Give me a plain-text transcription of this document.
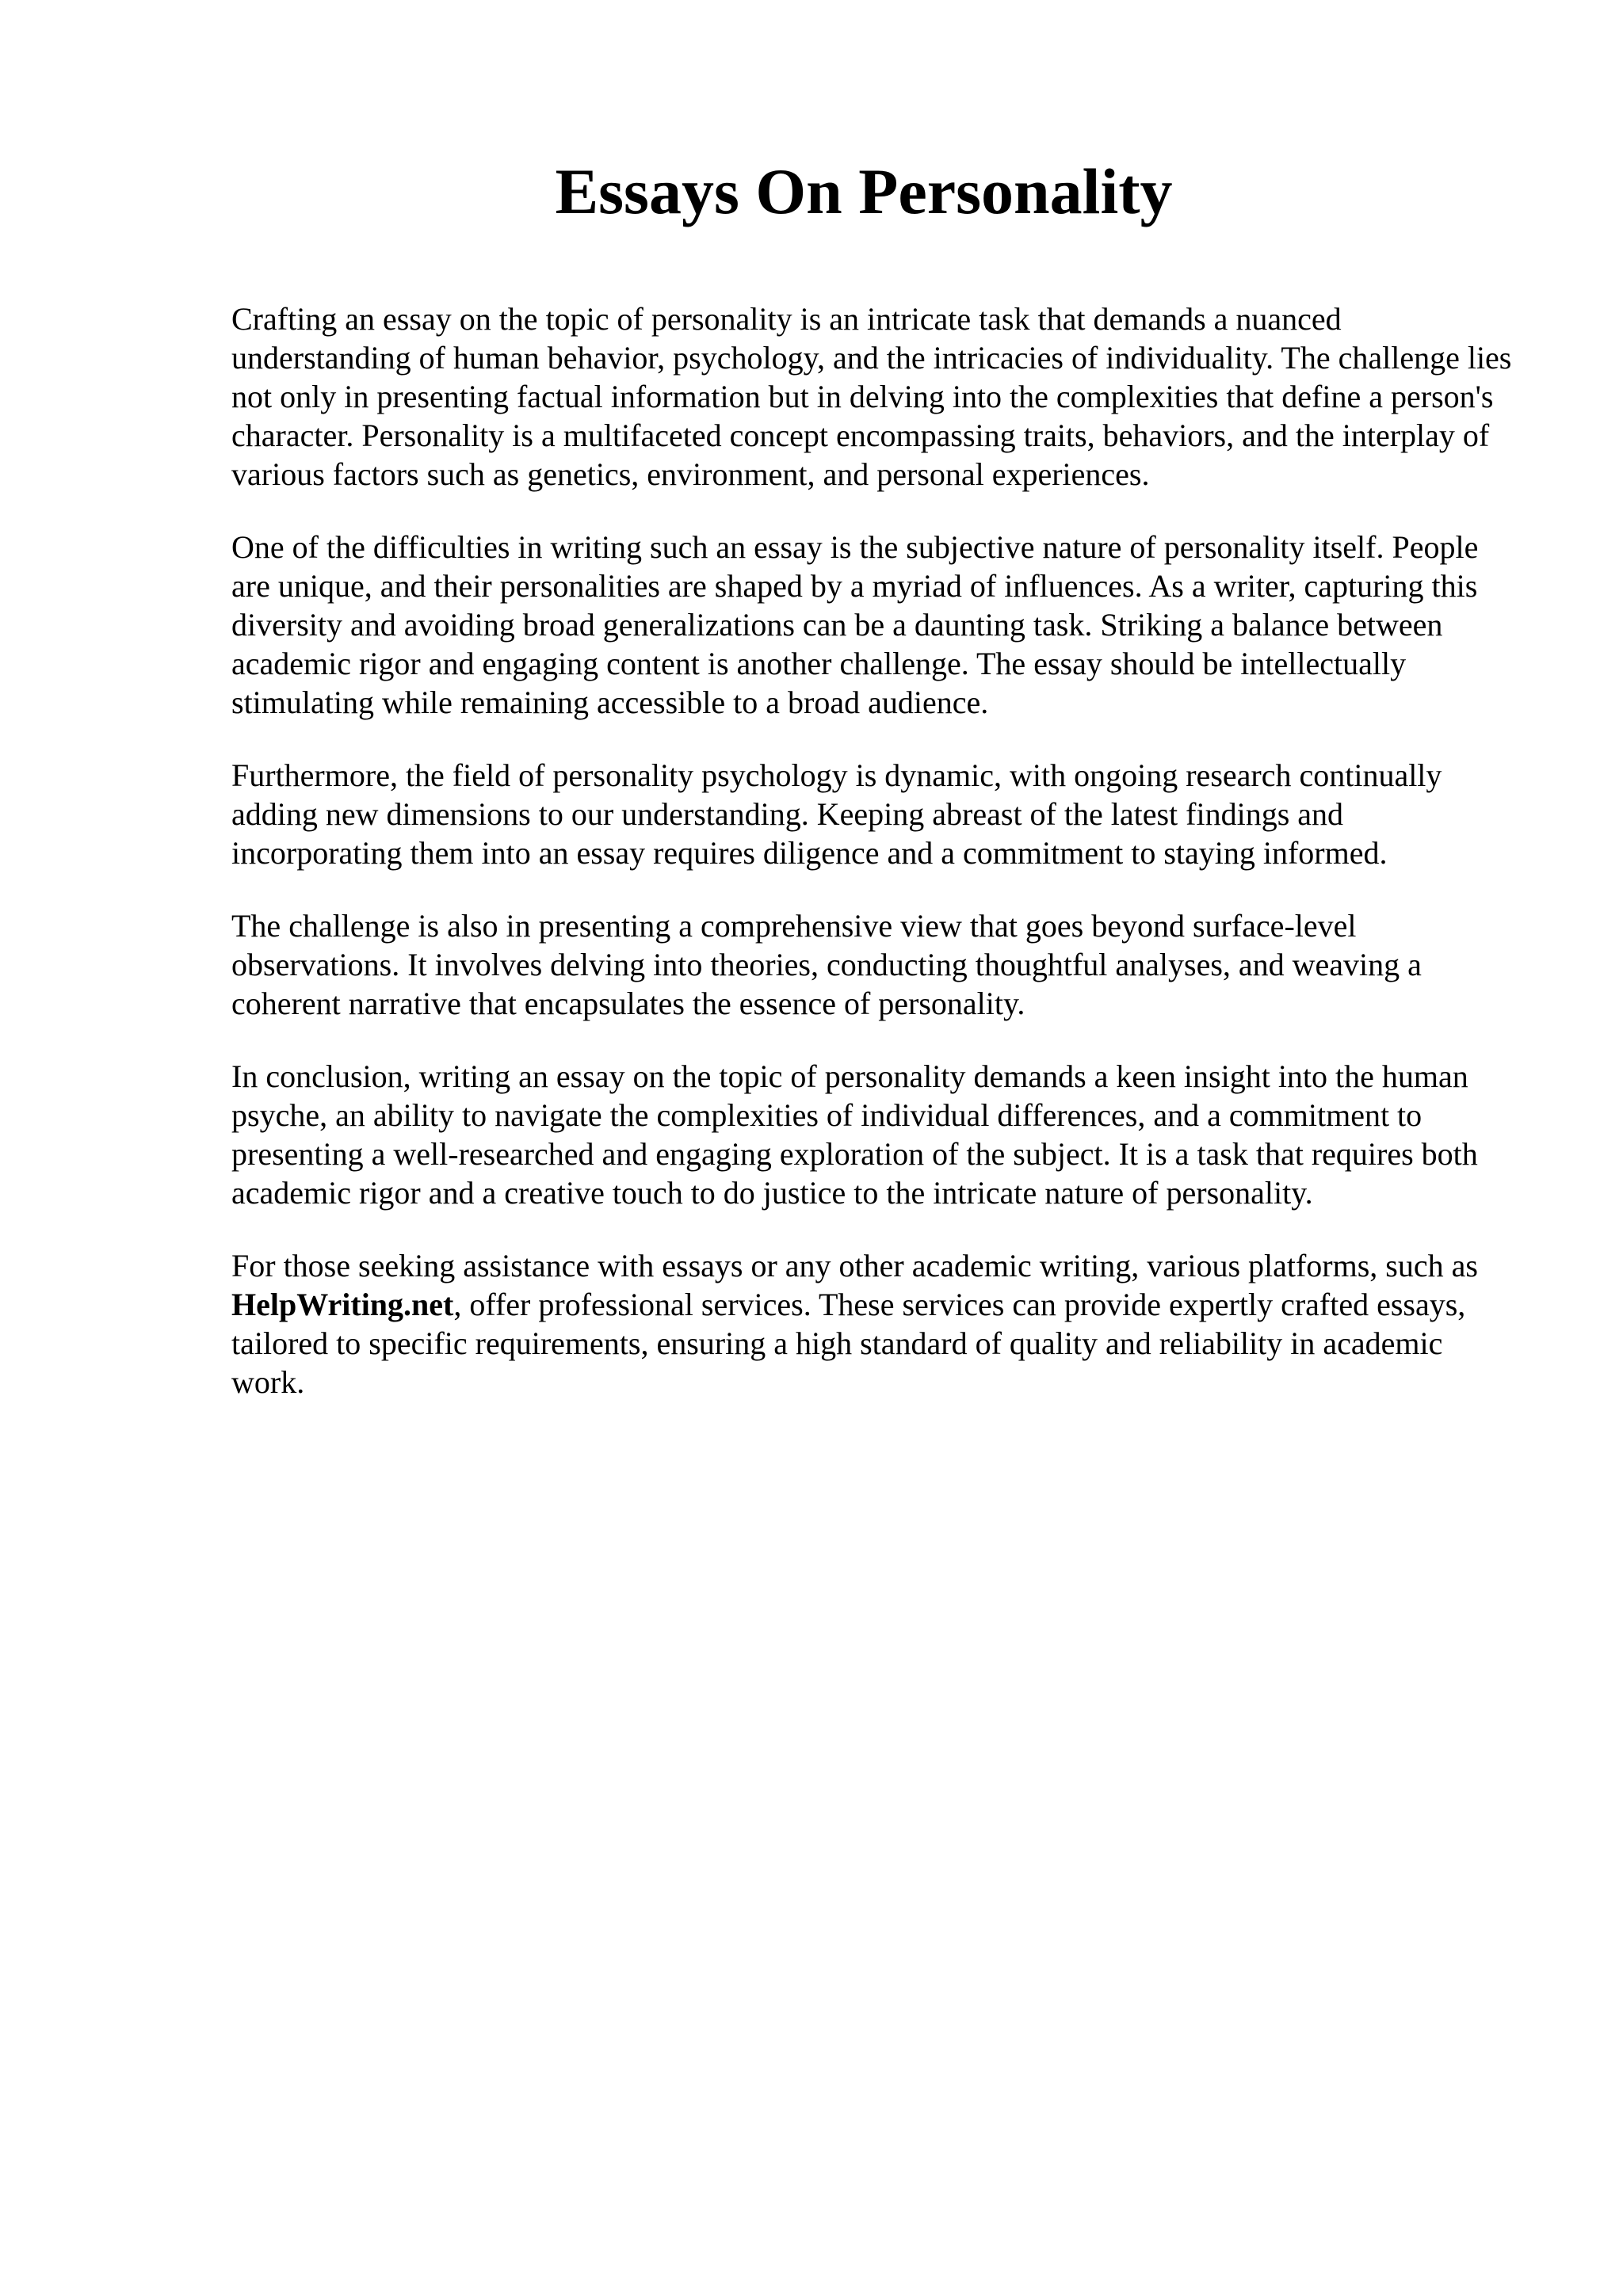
Essays On Personality

Crafting an essay on the topic of personality is an intricate task that demands a nuanced understanding of human behavior, psychology, and the intricacies of individuality. The challenge lies not only in presenting factual information but in delving into the complexities that define a person's character. Personality is a multifaceted concept encompassing traits, behaviors, and the interplay of various factors such as genetics, environment, and personal experiences.

One of the difficulties in writing such an essay is the subjective nature of personality itself. People are unique, and their personalities are shaped by a myriad of influences. As a writer, capturing this diversity and avoiding broad generalizations can be a daunting task. Striking a balance between academic rigor and engaging content is another challenge. The essay should be intellectually stimulating while remaining accessible to a broad audience.

Furthermore, the field of personality psychology is dynamic, with ongoing research continually adding new dimensions to our understanding. Keeping abreast of the latest findings and incorporating them into an essay requires diligence and a commitment to staying informed.

The challenge is also in presenting a comprehensive view that goes beyond surface-level observations. It involves delving into theories, conducting thoughtful analyses, and weaving a coherent narrative that encapsulates the essence of personality.

In conclusion, writing an essay on the topic of personality demands a keen insight into the human psyche, an ability to navigate the complexities of individual differences, and a commitment to presenting a well-researched and engaging exploration of the subject. It is a task that requires both academic rigor and a creative touch to do justice to the intricate nature of personality.

For those seeking assistance with essays or any other academic writing, various platforms, such as HelpWriting.net, offer professional services. These services can provide expertly crafted essays, tailored to specific requirements, ensuring a high standard of quality and reliability in academic work.
